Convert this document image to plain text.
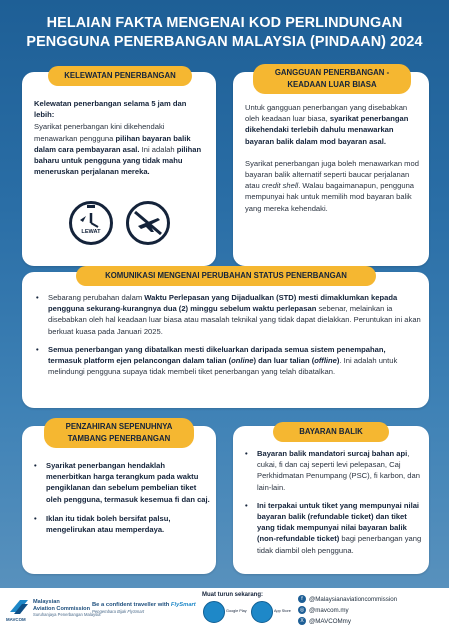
HELAIAN FAKTA MENGENAI KOD PERLINDUNGAN
PENGGUNA PENERBANGAN MALAYSIA (PINDAAN) 2024
Kelewatan penerbangan selama 5 jam dan lebih:
Syarikat penerbangan kini dikehendaki menawarkan pengguna pilihan bayaran balik dalam cara pembayaran asal. Ini adalah pilihan baharu untuk pengguna yang tidak mahu meneruskan perjalanan mereka.
LEWAT
KELEWATAN PENERBANGAN
Untuk gangguan penerbangan yang disebabkan oleh keadaan luar biasa, syarikat penerbangan dikehendaki terlebih dahulu menawarkan bayaran balik dalam mod bayaran asal.
Syarikat penerbangan juga boleh menawarkan mod bayaran balik alternatif seperti baucar perjalanan atau credit shell. Walau bagaimanapun, pengguna mempunyai hak untuk memilih mod bayaran balik yang mereka kehendaki.
GANGGUAN PENERBANGAN -
KEADAAN LUAR BIASA
• Sebarang perubahan dalam Waktu Perlepasan yang Dijadualkan (STD) mesti dimaklumkan kepada pengguna sekurang-kurangnya dua (2) minggu sebelum waktu perlepasan sebenar, melainkan ia disebabkan oleh hal keadaan luar biasa atau masalah teknikal yang tidak dapat dielakkan. Peruntukan ini akan berkuat kuasa pada Januari 2025.
• Semua penerbangan yang dibatalkan mesti dikeluarkan daripada semua sistem penempahan, termasuk platform ejen pelancongan dalam talian (online) dan luar talian (offline). Ini adalah untuk melindungi pengguna supaya tidak membeli tiket penerbangan yang telah dibatalkan.
KOMUNIKASI MENGENAI PERUBAHAN STATUS PENERBANGAN
• Syarikat penerbangan hendaklah menerbitkan harga terangkum pada waktu pengiklanan dan sebelum pembelian tiket oleh pengguna, termasuk kesemua fi dan caj.
• Iklan itu tidak boleh bersifat palsu, mengelirukan atau memperdaya.
PENZAHIRAN SEPENUHNYA
TAMBANG PENERBANGAN
• Bayaran balik mandatori surcaj bahan api, cukai, fi dan caj seperti levi pelepasan, Caj Perkhidmatan Penumpang (PSC), fi karbon, dan lain-lain.
• Ini terpakai untuk tiket yang mempunyai nilai bayaran balik (refundable ticket) dan tiket yang tidak mempunyai nilai bayaran balik (non-refundable ticket) bagi penerbangan yang tidak diambil oleh pengguna.
BAYARAN BALIK
MAVCOM
Malaysian
Aviation Commission
Suruhanjaya Penerbangan Malaysia
Be a confident traveller with FlySmart
Pengembara Bijak FlySmart
Muat turun sekarang:
Google Play	App Store
f @Malaysianaviationcommission
◎ @mavcom.my
X @MAVCOMmy
